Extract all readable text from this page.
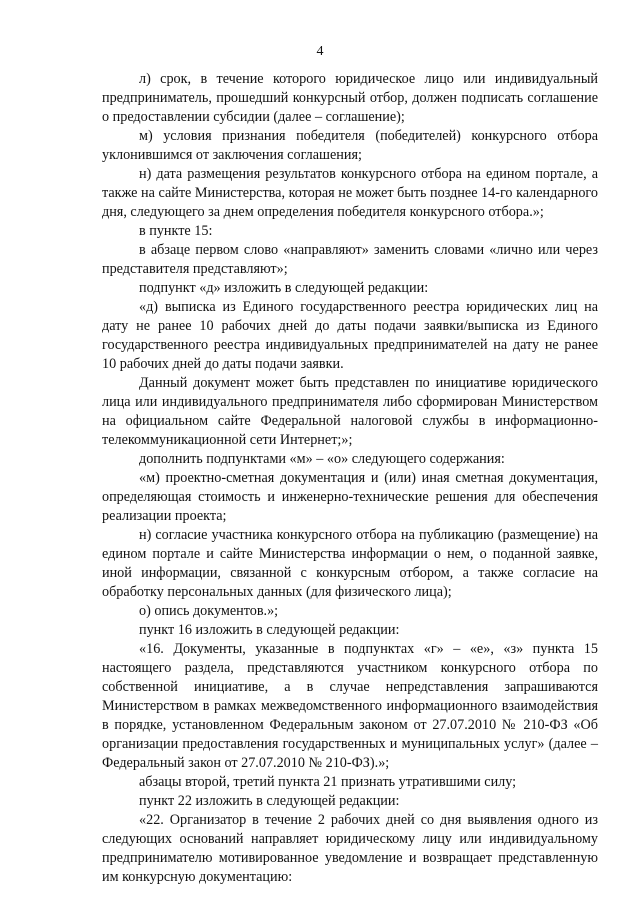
4

л) срок, в течение которого юридическое лицо или индивидуальный предприниматель, прошедший конкурсный отбор, должен подписать соглашение о предоставлении субсидии (далее – соглашение);

м) условия признания победителя (победителей) конкурсного отбора уклонившимся от заключения соглашения;

н) дата размещения результатов конкурсного отбора на едином портале, а также на сайте Министерства, которая не может быть позднее 14-го календарного дня, следующего за днем определения победителя конкурсного отбора.»;

в пункте 15:

в абзаце первом слово «направляют» заменить словами «лично или через представителя представляют»;

подпункт «д» изложить в следующей редакции:

«д) выписка из Единого государственного реестра юридических лиц на дату не ранее 10 рабочих дней до даты подачи заявки/выписка из Единого государственного реестра индивидуальных предпринимателей на дату не ранее 10 рабочих дней до даты подачи заявки.

Данный документ может быть представлен по инициативе юридического лица или индивидуального предпринимателя либо сформирован Министерством на официальном сайте Федеральной налоговой службы в информационно-телекоммуникационной сети Интернет;»;

дополнить подпунктами «м» – «о» следующего содержания:

«м) проектно-сметная документация и (или) иная сметная документация, определяющая стоимость и инженерно-технические решения для обеспечения реализации проекта;

н) согласие участника конкурсного отбора на публикацию (размещение) на едином портале и сайте Министерства информации о нем, о поданной заявке, иной информации, связанной с конкурсным отбором, а также согласие на обработку персональных данных (для физического лица);

о) опись документов.»;

пункт 16 изложить в следующей редакции:

«16. Документы, указанные в подпунктах «г» – «е», «з» пункта 15 настоящего раздела, представляются участником конкурсного отбора по собственной инициативе, а в случае непредставления запрашиваются Министерством в рамках межведомственного информационного взаимодействия в порядке, установленном Федеральным законом от 27.07.2010 № 210-ФЗ «Об организации предоставления государственных и муниципальных услуг» (далее – Федеральный закон от 27.07.2010 № 210-ФЗ).»;

абзацы второй, третий пункта 21 признать утратившими силу;

пункт 22 изложить в следующей редакции:

«22. Организатор в течение 2 рабочих дней со дня выявления одного из следующих оснований направляет юридическому лицу или индивидуальному предпринимателю мотивированное уведомление и возвращает представленную им конкурсную документацию:
